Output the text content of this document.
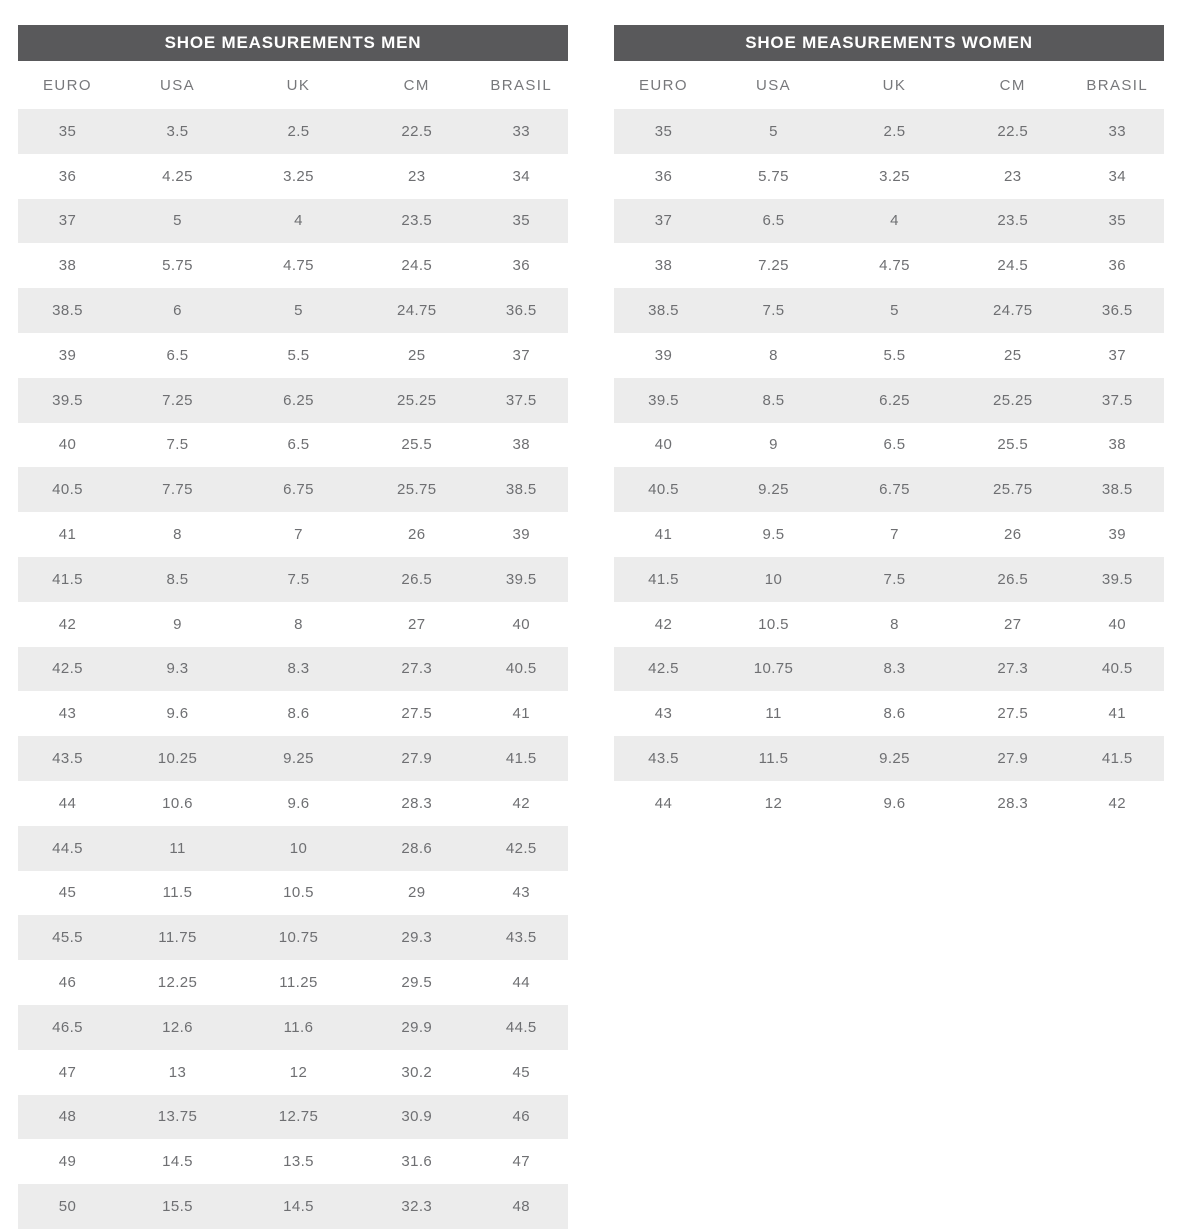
SHOE MEASUREMENTS MEN
EURO	USA	UK	CM	BRASIL
35	3.5	2.5	22.5	33
36	4.25	3.25	23	34
37	5	4	23.5	35
38	5.75	4.75	24.5	36
38.5	6	5	24.75	36.5
39	6.5	5.5	25	37
39.5	7.25	6.25	25.25	37.5
40	7.5	6.5	25.5	38
40.5	7.75	6.75	25.75	38.5
41	8	7	26	39
41.5	8.5	7.5	26.5	39.5
42	9	8	27	40
42.5	9.3	8.3	27.3	40.5
43	9.6	8.6	27.5	41
43.5	10.25	9.25	27.9	41.5
44	10.6	9.6	28.3	42
44.5	11	10	28.6	42.5
45	11.5	10.5	29	43
45.5	11.75	10.75	29.3	43.5
46	12.25	11.25	29.5	44
46.5	12.6	11.6	29.9	44.5
47	13	12	30.2	45
48	13.75	12.75	30.9	46
49	14.5	13.5	31.6	47
50	15.5	14.5	32.3	48
SHOE MEASUREMENTS WOMEN
EURO	USA	UK	CM	BRASIL
35	5	2.5	22.5	33
36	5.75	3.25	23	34
37	6.5	4	23.5	35
38	7.25	4.75	24.5	36
38.5	7.5	5	24.75	36.5
39	8	5.5	25	37
39.5	8.5	6.25	25.25	37.5
40	9	6.5	25.5	38
40.5	9.25	6.75	25.75	38.5
41	9.5	7	26	39
41.5	10	7.5	26.5	39.5
42	10.5	8	27	40
42.5	10.75	8.3	27.3	40.5
43	11	8.6	27.5	41
43.5	11.5	9.25	27.9	41.5
44	12	9.6	28.3	42
